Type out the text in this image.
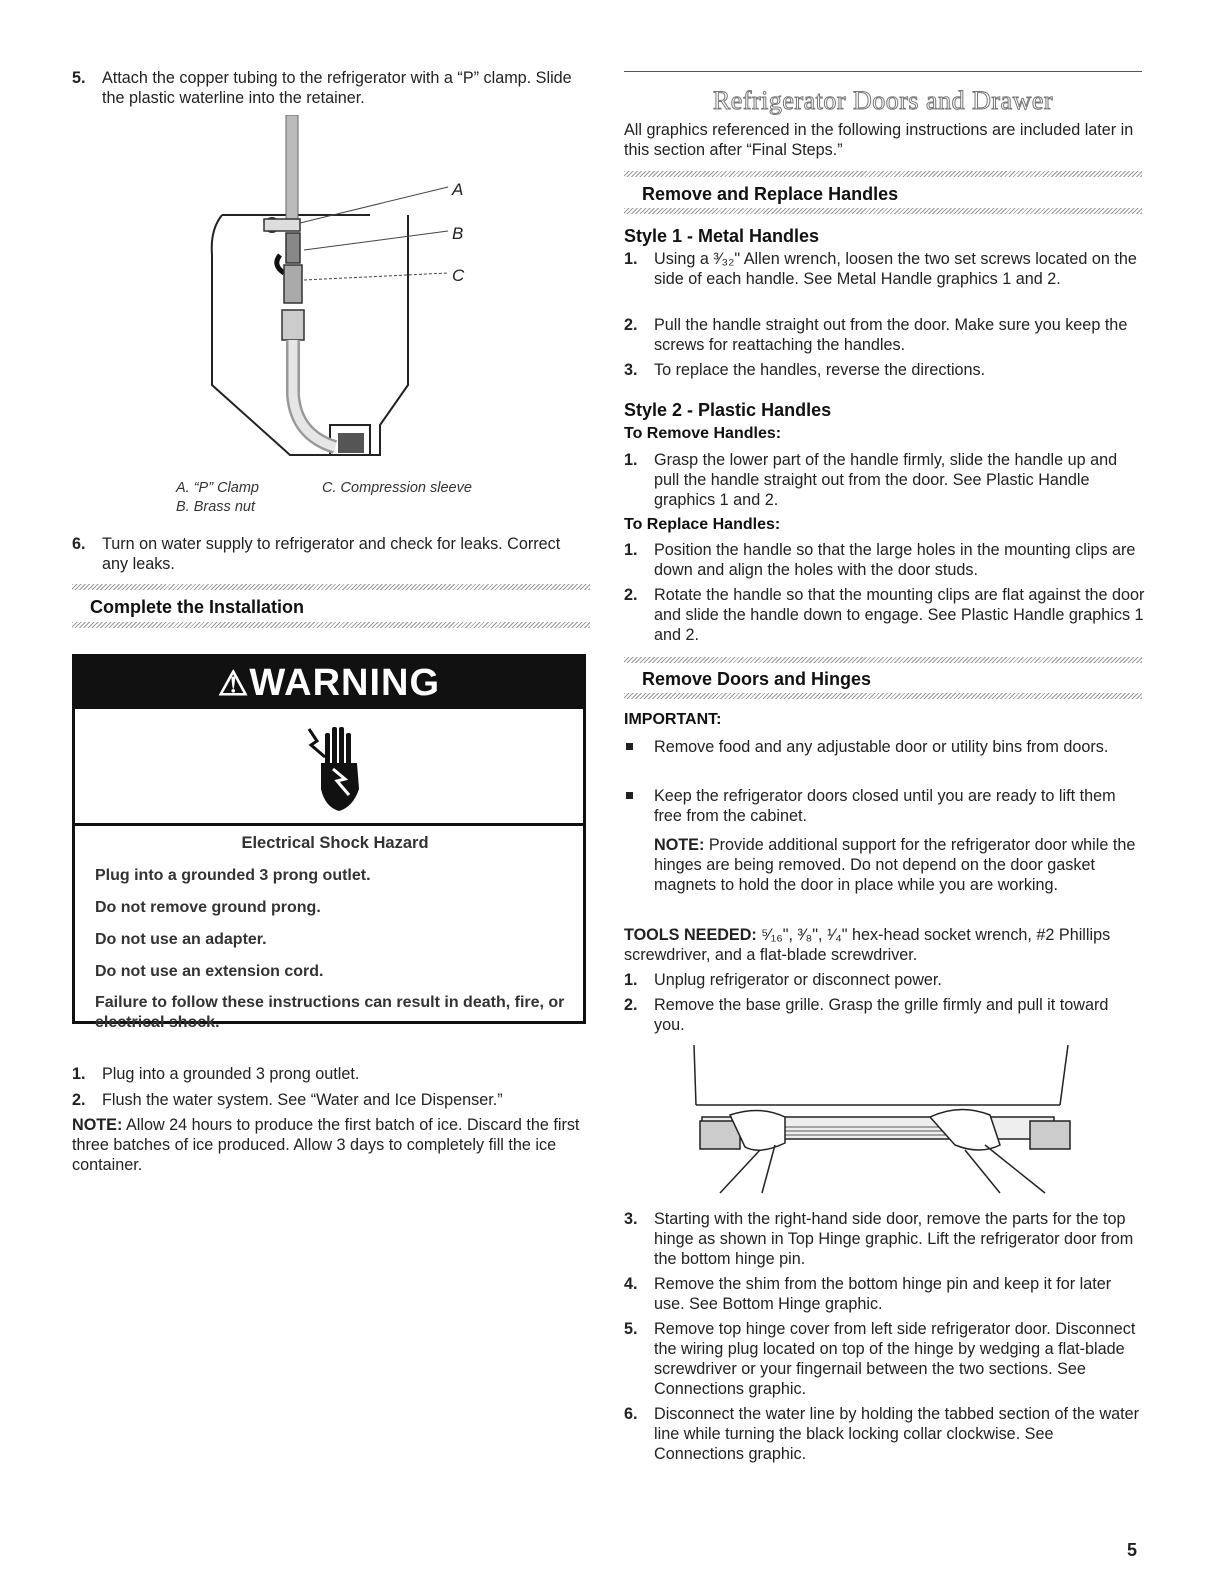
5.	Attach the copper tubing to the refrigerator with a “P” clamp. Slide the plastic waterline into the retainer.
A
B
C
A. “P” Clamp
B. Brass nut
C. Compression sleeve
6.	Turn on water supply to refrigerator and check for leaks. Correct any leaks.
Complete the Installation
⚠WARNING
Electrical Shock Hazard
Plug into a grounded 3 prong outlet.
Do not remove ground prong.
Do not use an adapter.
Do not use an extension cord.
Failure to follow these instructions can result in death, fire, or electrical shock.
1.	Plug into a grounded 3 prong outlet.
2.	Flush the water system. See “Water and Ice Dispenser.”
NOTE: Allow 24 hours to produce the first batch of ice. Discard the first three batches of ice produced. Allow 3 days to completely fill the ice container.
Refrigerator Doors and Drawer
All graphics referenced in the following instructions are included later in this section after “Final Steps.”
Remove and Replace Handles
Style 1 - Metal Handles
1.	Using a ³⁄₃₂" Allen wrench, loosen the two set screws located on the side of each handle. See Metal Handle graphics 1 and 2.
2.	Pull the handle straight out from the door. Make sure you keep the screws for reattaching the handles.
3.	To replace the handles, reverse the directions.
Style 2 - Plastic Handles
To Remove Handles:
1.	Grasp the lower part of the handle firmly, slide the handle up and pull the handle straight out from the door. See Plastic Handle graphics 1 and 2.
To Replace Handles:
1.	Position the handle so that the large holes in the mounting clips are down and align the holes with the door studs.
2.	Rotate the handle so that the mounting clips are flat against the door and slide the handle down to engage. See Plastic Handle graphics 1 and 2.
Remove Doors and Hinges
IMPORTANT:
Remove food and any adjustable door or utility bins from doors.
Keep the refrigerator doors closed until you are ready to lift them free from the cabinet.
NOTE: Provide additional support for the refrigerator door while the hinges are being removed. Do not depend on the door gasket magnets to hold the door in place while you are working.
TOOLS NEEDED: ⁵⁄₁₆", ³⁄₈", ¹⁄₄" hex-head socket wrench, #2 Phillips screwdriver, and a flat-blade screwdriver.
1.	Unplug refrigerator or disconnect power.
2.	Remove the base grille. Grasp the grille firmly and pull it toward you.
3.	Starting with the right-hand side door, remove the parts for the top hinge as shown in Top Hinge graphic. Lift the refrigerator door from the bottom hinge pin.
4.	Remove the shim from the bottom hinge pin and keep it for later use. See Bottom Hinge graphic.
5.	Remove top hinge cover from left side refrigerator door. Disconnect the wiring plug located on top of the hinge by wedging a flat-blade screwdriver or your fingernail between the two sections. See Connections graphic.
6.	Disconnect the water line by holding the tabbed section of the water line while turning the black locking collar clockwise. See Connections graphic.
5
